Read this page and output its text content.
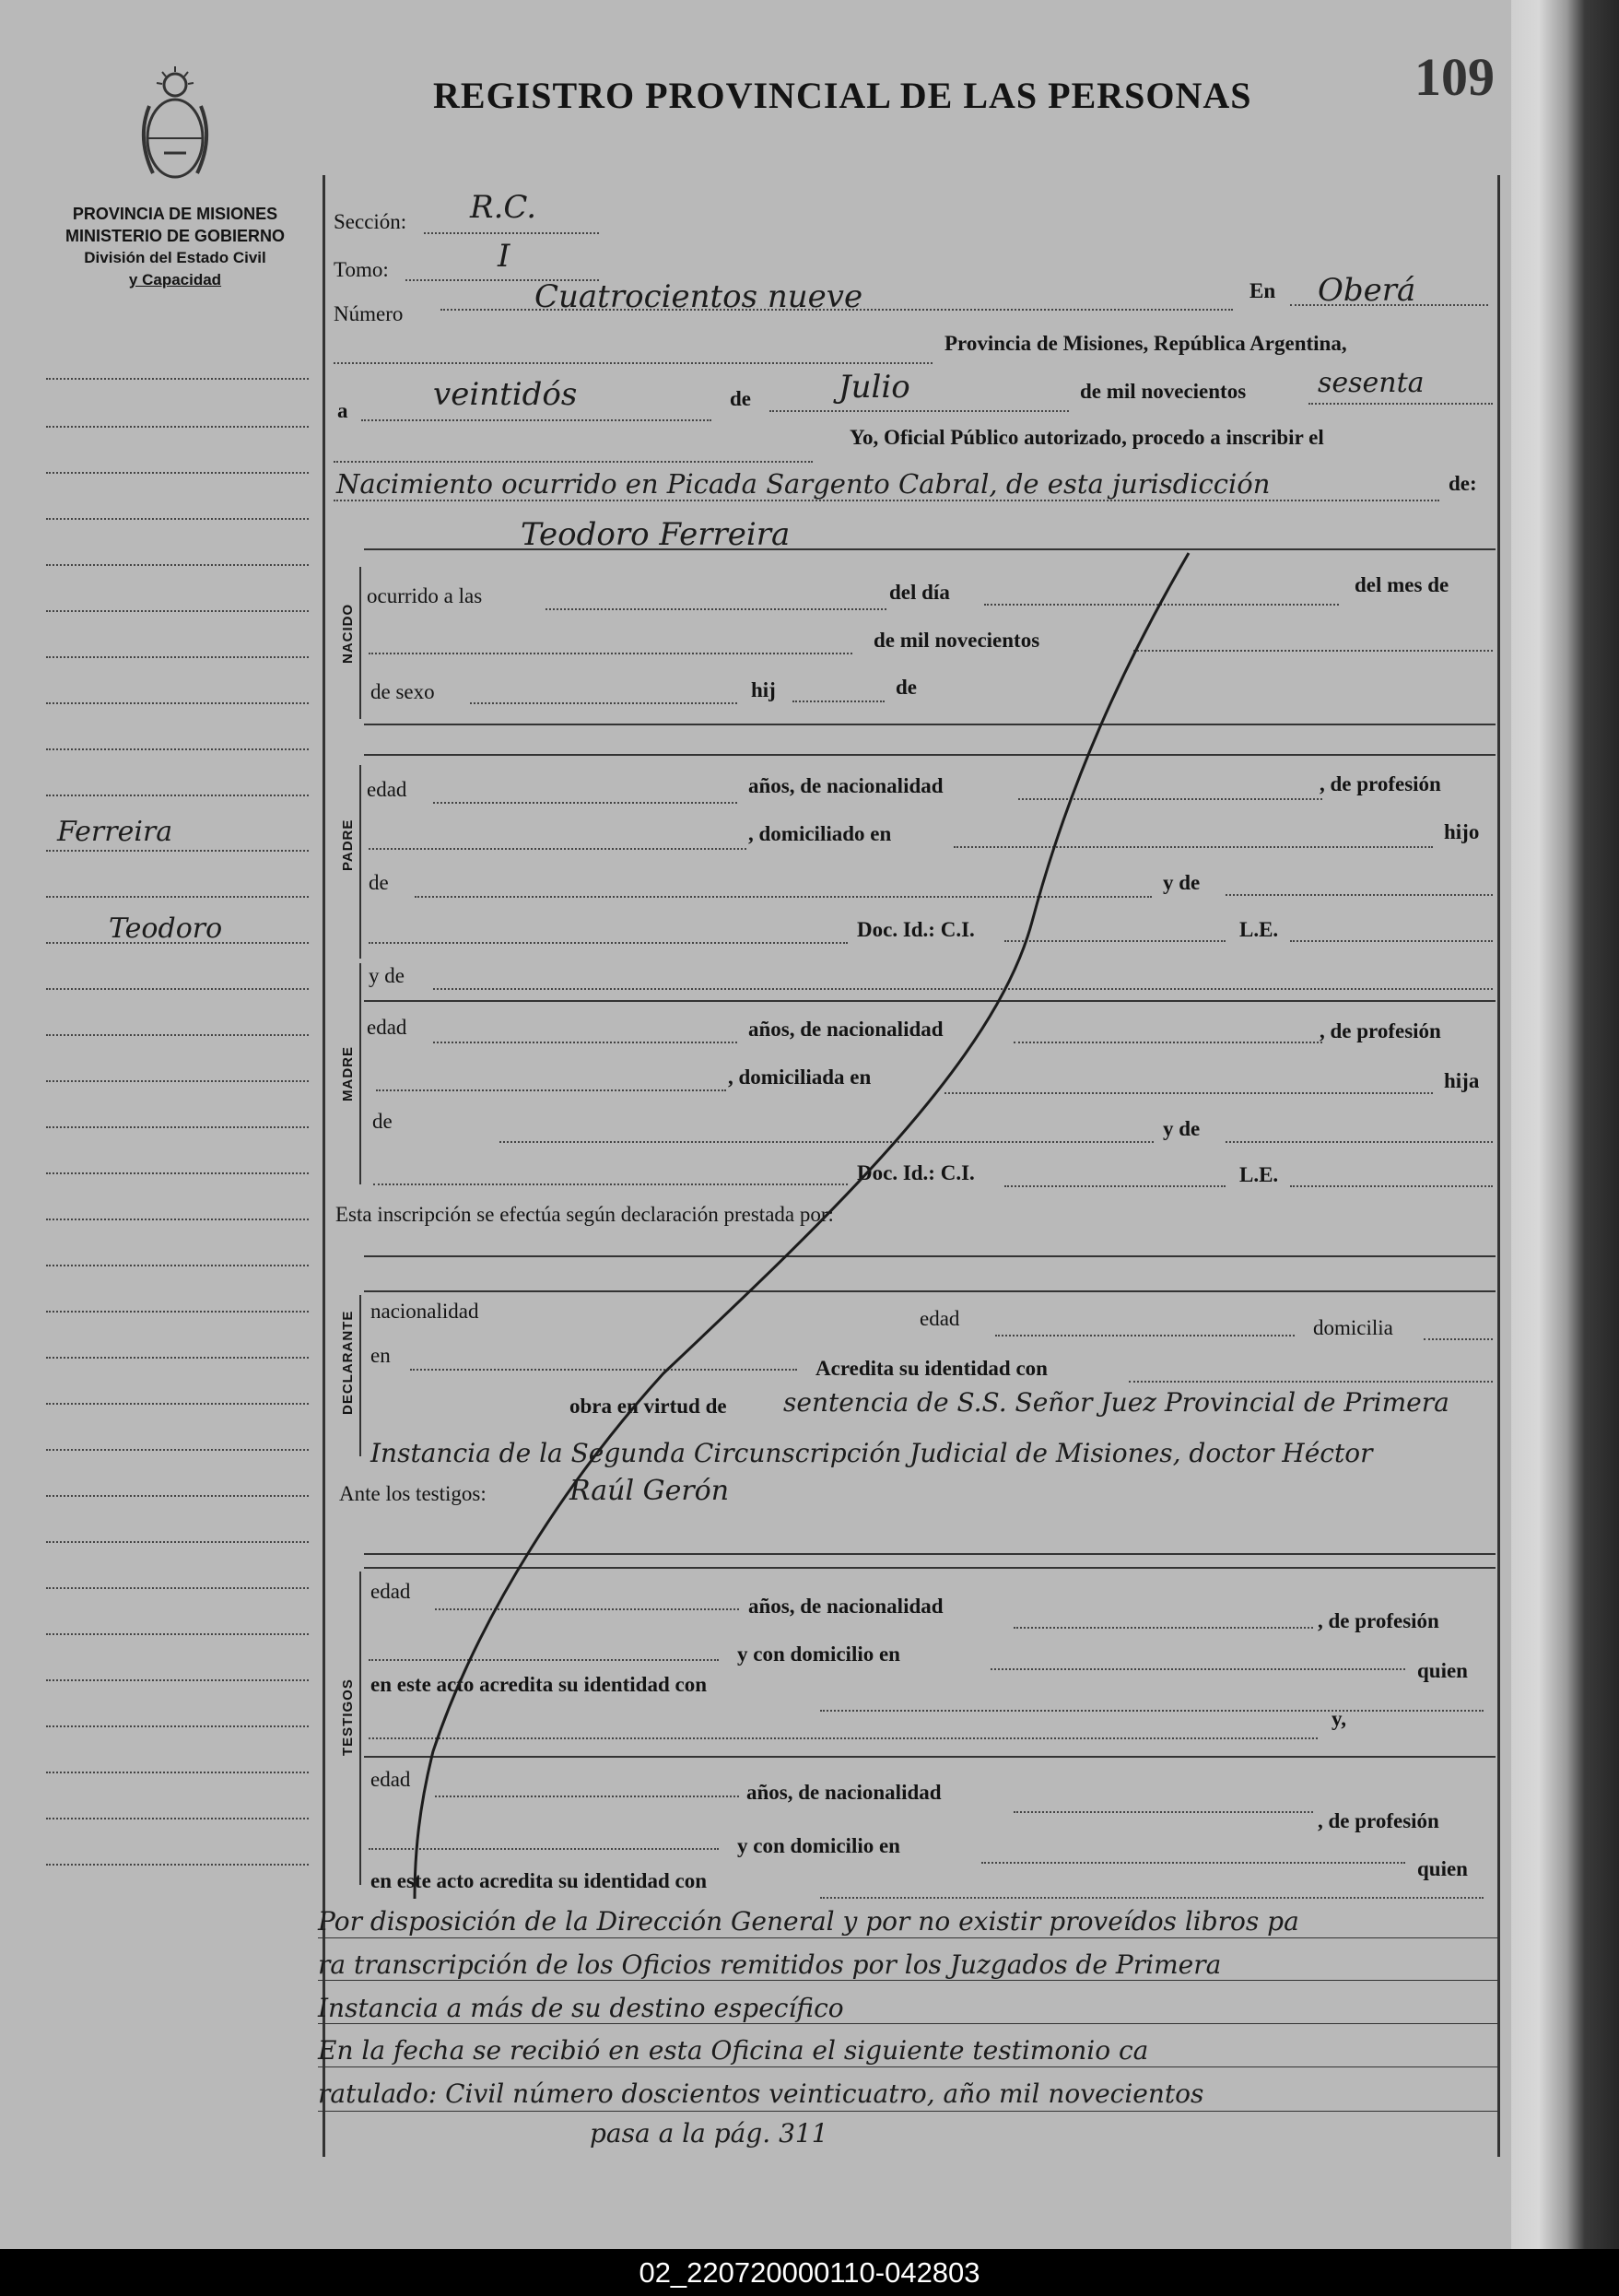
109
REGISTRO PROVINCIAL DE LAS PERSONAS
PROVINCIA DE MISIONES
MINISTERIO DE GOBIERNO
División del Estado Civil
y Capacidad
Ferreira
Teodoro
Sección: R.C.
Tomo:	I
Número	Cuatrocientos nueve	En Oberá
Provincia de Misiones, República Argentina,
a	veintidós	de	Julio	de mil novecientos	sesenta
Yo, Oficial Público autorizado, procedo a inscribir el
Nacimiento ocurrido en Picada Sargento Cabral, de esta jurisdicción	de:
Teodoro Ferreira
NACIDO
ocurrido a las	del día	del mes de
de mil novecientos
de sexo	hij	de
PADRE
edad	años, de nacionalidad	, de profesión
, domiciliado en	hijo
de	y de
Doc. Id.: C.I.	L.E.
y de
MADRE
edad	años, de nacionalidad	, de profesión
, domiciliada en	hija
de	y de
Doc. Id.: C.I.	L.E.
Esta inscripción se efectúa según declaración prestada por:
DECLARANTE nacionalidad	edad	domicilia
en
Acredita su identidad con
obra en virtud de sentencia de S.S. Señor Juez Provincial de Primera
Instancia de la Segunda Circunscripción Judicial de Misiones, doctor Héctor
Ante los testigos:	Raúl Gerón
TESTIGOS
edad
años, de nacionalidad
, de profesión
y con domicilio en
quien
en este acto acredita su identidad con
y,
edad
años, de nacionalidad
, de profesión
y con domicilio en
quien
en este acto acredita su identidad con
Por disposición de la Dirección General y por no existir proveídos libros pa
ra transcripción de los Oficios remitidos por los Juzgados de Primera
Instancia a más de su destino específico
En la fecha se recibió en esta Oficina el siguiente testimonio ca
ratulado: Civil número doscientos veinticuatro, año mil novecientos
pasa a la pág. 311
02_220720000110-042803
